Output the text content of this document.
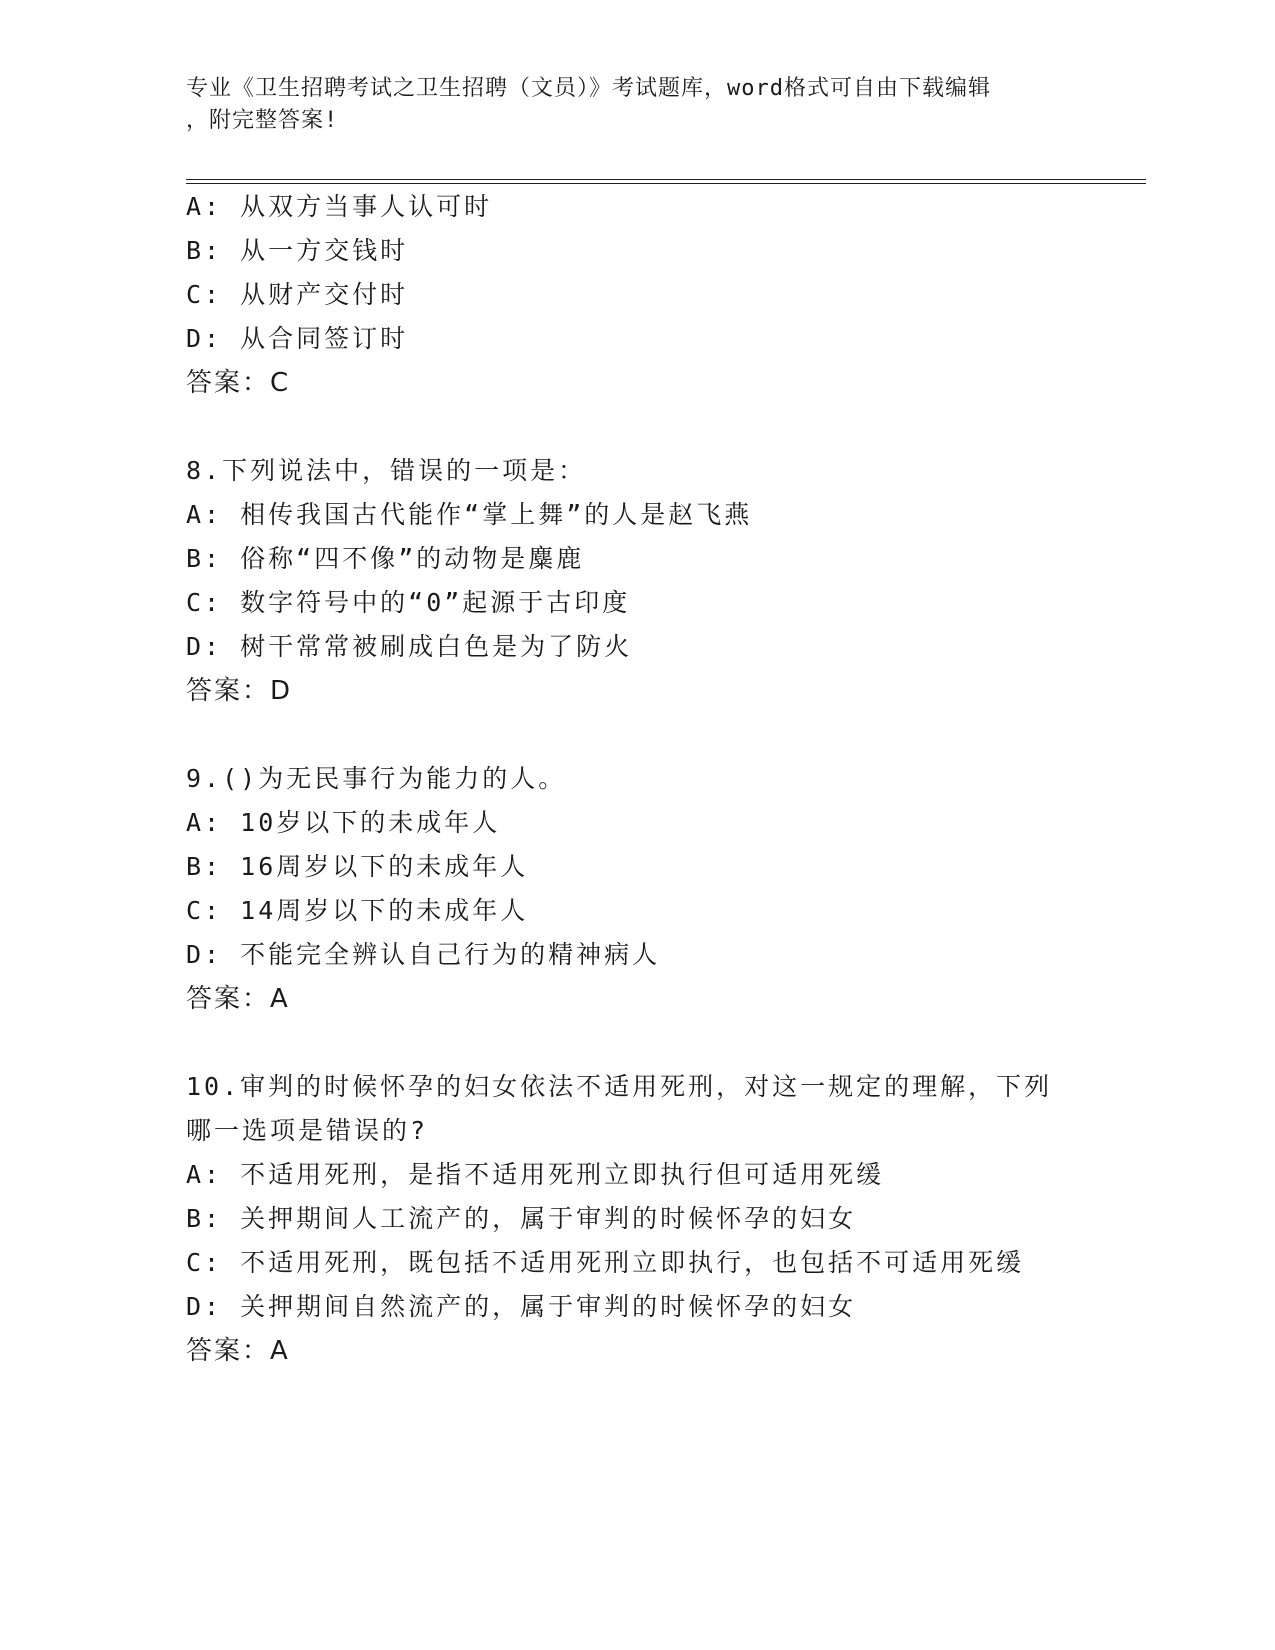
专业《卫生招聘考试之卫生招聘（文员）》考试题库，word格式可自由下载编辑
，附完整答案!
A: 从双方当事人认可时
B: 从一方交钱时
C: 从财产交付时
D: 从合同签订时
答案：C
8.下列说法中，错误的一项是：
A: 相传我国古代能作“掌上舞”的人是赵飞燕
B: 俗称“四不像”的动物是麋鹿
C: 数字符号中的“0”起源于古印度
D: 树干常常被刷成白色是为了防火
答案：D
9.()为无民事行为能力的人。
A: 10岁以下的未成年人
B: 16周岁以下的未成年人
C: 14周岁以下的未成年人
D: 不能完全辨认自己行为的精神病人
答案：A
10.审判的时候怀孕的妇女依法不适用死刑，对这一规定的理解，下列
哪一选项是错误的?
A: 不适用死刑，是指不适用死刑立即执行但可适用死缓
B: 关押期间人工流产的，属于审判的时候怀孕的妇女
C: 不适用死刑，既包括不适用死刑立即执行，也包括不可适用死缓
D: 关押期间自然流产的，属于审判的时候怀孕的妇女
答案：A
